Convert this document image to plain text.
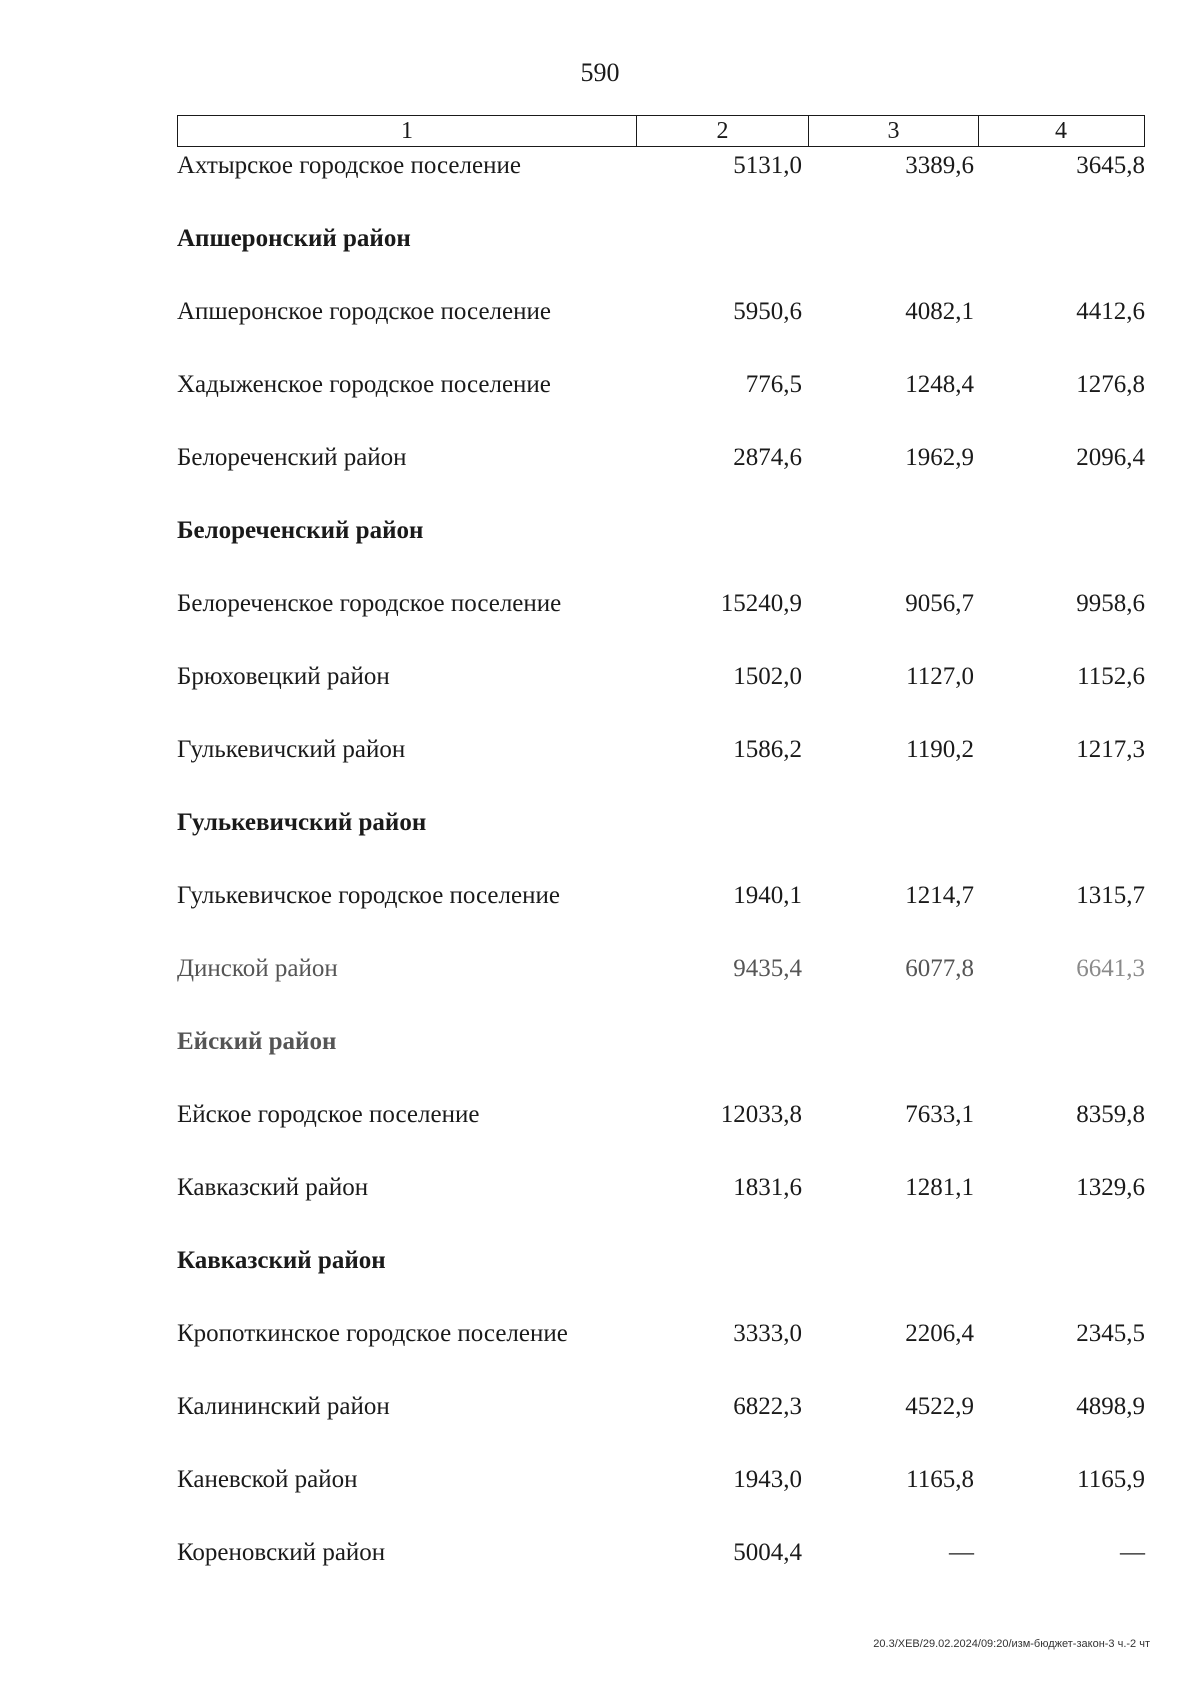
590
1	2	3	4
Ахтырское городское поселение	5131,0	3389,6	3645,8
Апшеронский район
Апшеронское городское поселение	5950,6	4082,1	4412,6
Хадыженское городское поселение	776,5	1248,4	1276,8
Белореченский район	2874,6	1962,9	2096,4
Белореченский район
Белореченское городское поселение	15240,9	9056,7	9958,6
Брюховецкий район	1502,0	1127,0	1152,6
Гулькевичский район	1586,2	1190,2	1217,3
Гулькевичский район
Гулькевичское городское поселение	1940,1	1214,7	1315,7
Динской район	9435,4	6077,8	6641,3
Ейский район
Ейское городское поселение	12033,8	7633,1	8359,8
Кавказский район	1831,6	1281,1	1329,6
Кавказский район
Кропоткинское городское поселение	3333,0	2206,4	2345,5
Калининский район	6822,3	4522,9	4898,9
Каневской район	1943,0	1165,8	1165,9
Кореновский район	5004,4	—	—
20.3/XEB/29.02.2024/09:20/изм-бюджет-закон-3 ч.-2 чт
